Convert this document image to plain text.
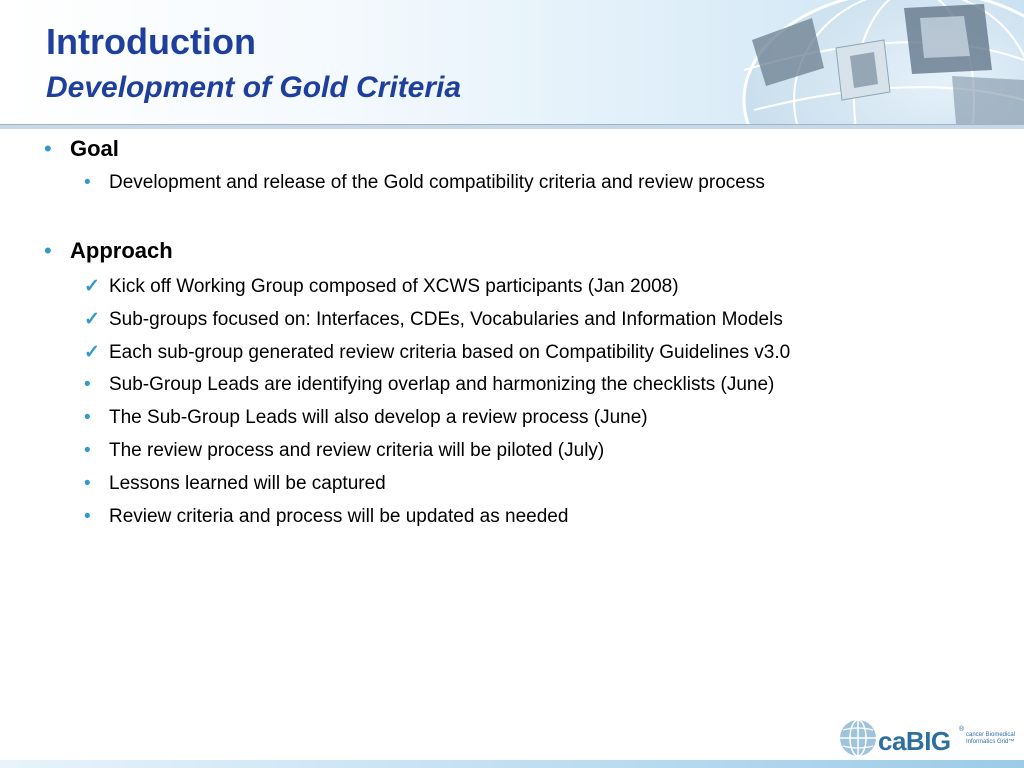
Introduction
Development of Gold Criteria
• Goal
• Development and release of the Gold compatibility criteria and review process
• Approach
✓ Kick off Working Group composed of XCWS participants (Jan 2008)
✓ Sub-groups focused on: Interfaces, CDEs, Vocabularies and Information Models
✓ Each sub-group generated review criteria based on Compatibility Guidelines v3.0
• Sub-Group Leads are identifying overlap and harmonizing the checklists (June)
• The Sub-Group Leads will also develop a review process (June)
• The review process and review criteria will be piloted (July)
• Lessons learned will be captured
• Review criteria and process will be updated as needed
caBIG ®
cancer Biomedical Informatics Grid™
